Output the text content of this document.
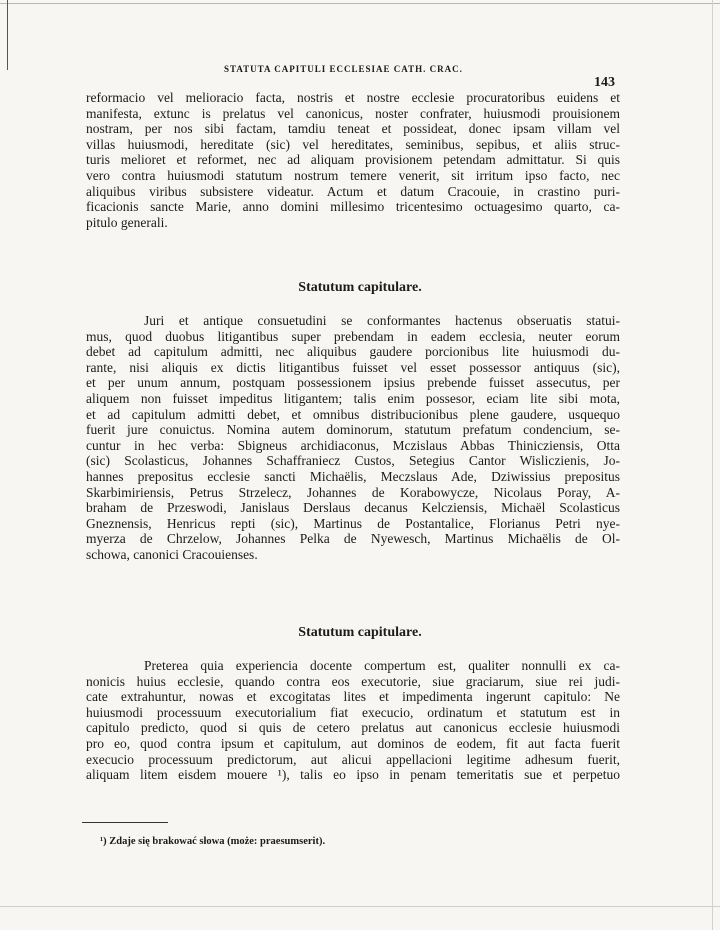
STATUTA CAPITULI ECCLESIAE CATH. CRAC.
143
reformacio vel melioracio facta, nostris et nostre ecclesie procuratoribus euidens et
manifesta, extunc is prelatus vel canonicus, noster confrater, huiusmodi prouisionem
nostram, per nos sibi factam, tamdiu teneat et possideat, donec ipsam villam vel
villas huiusmodi, hereditate (sic) vel hereditates, seminibus, sepibus, et aliis struc-
turis melioret et reformet, nec ad aliquam provisionem petendam admittatur. Si quis
vero contra huiusmodi statutum nostrum temere venerit, sit irritum ipso facto, nec
aliquibus viribus subsistere videatur. Actum et datum Cracouie, in crastino puri-
ficacionis sancte Marie, anno domini millesimo tricentesimo octuagesimo quarto, ca-
pitulo generali.
Statutum capitulare.
Juri et antique consuetudini se conformantes hactenus obseruatis statui-
mus, quod duobus litigantibus super prebendam in eadem ecclesia, neuter eorum
debet ad capitulum admitti, nec aliquibus gaudere porcionibus lite huiusmodi du-
rante, nisi aliquis ex dictis litigantibus fuisset vel esset possessor antiquus (sic),
et per unum annum, postquam possessionem ipsius prebende fuisset assecutus, per
aliquem non fuisset impeditus litigantem; talis enim possesor, eciam lite sibi mota,
et ad capitulum admitti debet, et omnibus distribucionibus plene gaudere, usquequo
fuerit jure conuictus. Nomina autem dominorum, statutum prefatum condencium, se-
cuntur in hec verba: Sbigneus archidiaconus, Mczislaus Abbas Thinicziensis, Otta
(sic) Scolasticus, Johannes Schaffraniecz Custos, Setegius Cantor Wisliczienis, Jo-
hannes prepositus ecclesie sancti Michaëlis, Meczslaus Ade, Dziwissius prepositus
Skarbimiriensis, Petrus Strzelecz, Johannes de Korabowycze, Nicolaus Poray, A-
braham de Przeswodi, Janislaus Derslaus decanus Kelcziensis, Michaël Scolasticus
Gneznensis, Henricus repti (sic), Martinus de Postantalice, Florianus Petri nye-
myerza de Chrzelow, Johannes Pelka de Nyewesch, Martinus Michaëlis de Ol-
schowa, canonici Cracouienses.
Statutum capitulare.
Preterea quia experiencia docente compertum est, qualiter nonnulli ex ca-
nonicis huius ecclesie, quando contra eos executorie, siue graciarum, siue rei judi-
cate extrahuntur, nowas et excogitatas lites et impedimenta ingerunt capitulo: Ne
huiusmodi processuum executorialium fiat execucio, ordinatum et statutum est in
capitulo predicto, quod si quis de cetero prelatus aut canonicus ecclesie huiusmodi
pro eo, quod contra ipsum et capitulum, aut dominos de eodem, fit aut facta fuerit
execucio processuum predictorum, aut alicui appellacioni legitime adhesum fuerit,
aliquam litem eisdem mouere ¹), talis eo ipso in penam temeritatis sue et perpetuo
¹) Zdaje się brakować słowa (może: praesumserit).
